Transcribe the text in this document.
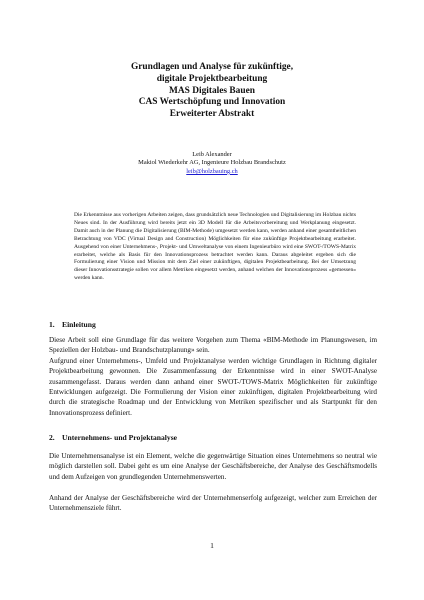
Grundlagen und Analyse für zukünftige,
digitale Projektbearbeitung
MAS Digitales Bauen
CAS Wertschöpfung und Innovation
Erweiterter Abstrakt
Leib Alexander
Makiol Wiederkehr AG, Ingenieure Holzbau Brandschutz
leib@holzbauing.ch
Die Erkenntnisse aus vorherigen Arbeiten zeigen, dass grundsätzlich neue Technologien und Digitalisierung im Holzbau nichts Neues sind. In der Ausführung wird bereits jetzt ein 3D Modell für die Arbeitsvorbereitung und Werkplanung eingesetzt. Damit auch in der Planung die Digitalisierung (BIM-Methode) umgesetzt werden kann, werden anhand einer gesamtheitlichen Betrachtung von VDC (Virtual Design and Construction) Möglichkeiten für eine zukünftige Projektbearbeitung erarbeitet. Ausgehend von einer Unternehmens-, Projekt- und Umweltanalyse von einem Ingenieurbüro wird eine SWOT-/TOWS-Matrix erarbeitet, welche als Basis für den Innovationsprozess betrachtet werden kann. Daraus abgeleitet ergeben sich die Formulierung einer Vision und Mission mit dem Ziel einer zukünftigen, digitalen Projektbearbeitung. Bei der Umsetzung dieser Innovationsstrategie sollen vor allem Metriken eingesetzt werden, anhand welchen der Innovationsprozess «gemessen» werden kann.
1. Einleitung

Diese Arbeit soll eine Grundlage für das weitere Vorgehen zum Thema «BIM-Methode im Planungswesen, im Speziellen der Holzbau- und Brandschutzplanung» sein.

Aufgrund einer Unternehmens-, Umfeld und Projektanalyse werden wichtige Grundlagen in Richtung digitaler Projektbearbeitung gewonnen. Die Zusammenfassung der Erkenntnisse wird in einer SWOT-Analyse zusammengefasst. Daraus werden dann anhand einer SWOT-/TOWS-Matrix Möglichkeiten für zukünftige Entwicklungen aufgezeigt. Die Formulierung der Vision einer zukünftigen, digitalen Projektbearbeitung wird durch die strategische Roadmap und der Entwicklung von Metriken spezifischer und als Startpunkt für den Innovationsprozess definiert.

2. Unternehmens- und Projektanalyse

Die Unternehmensanalyse ist ein Element, welche die gegenwärtige Situation eines Unternehmens so neutral wie möglich darstellen soll. Dabei geht es um eine Analyse der Geschäftsbereiche, der Analyse des Geschäftsmodells und dem Aufzeigen von grundlegenden Unternehmenswerten.

Anhand der Analyse der Geschäftsbereiche wird der Unternehmenserfolg aufgezeigt, welcher zum Erreichen der Unternehmensziele führt.

1
